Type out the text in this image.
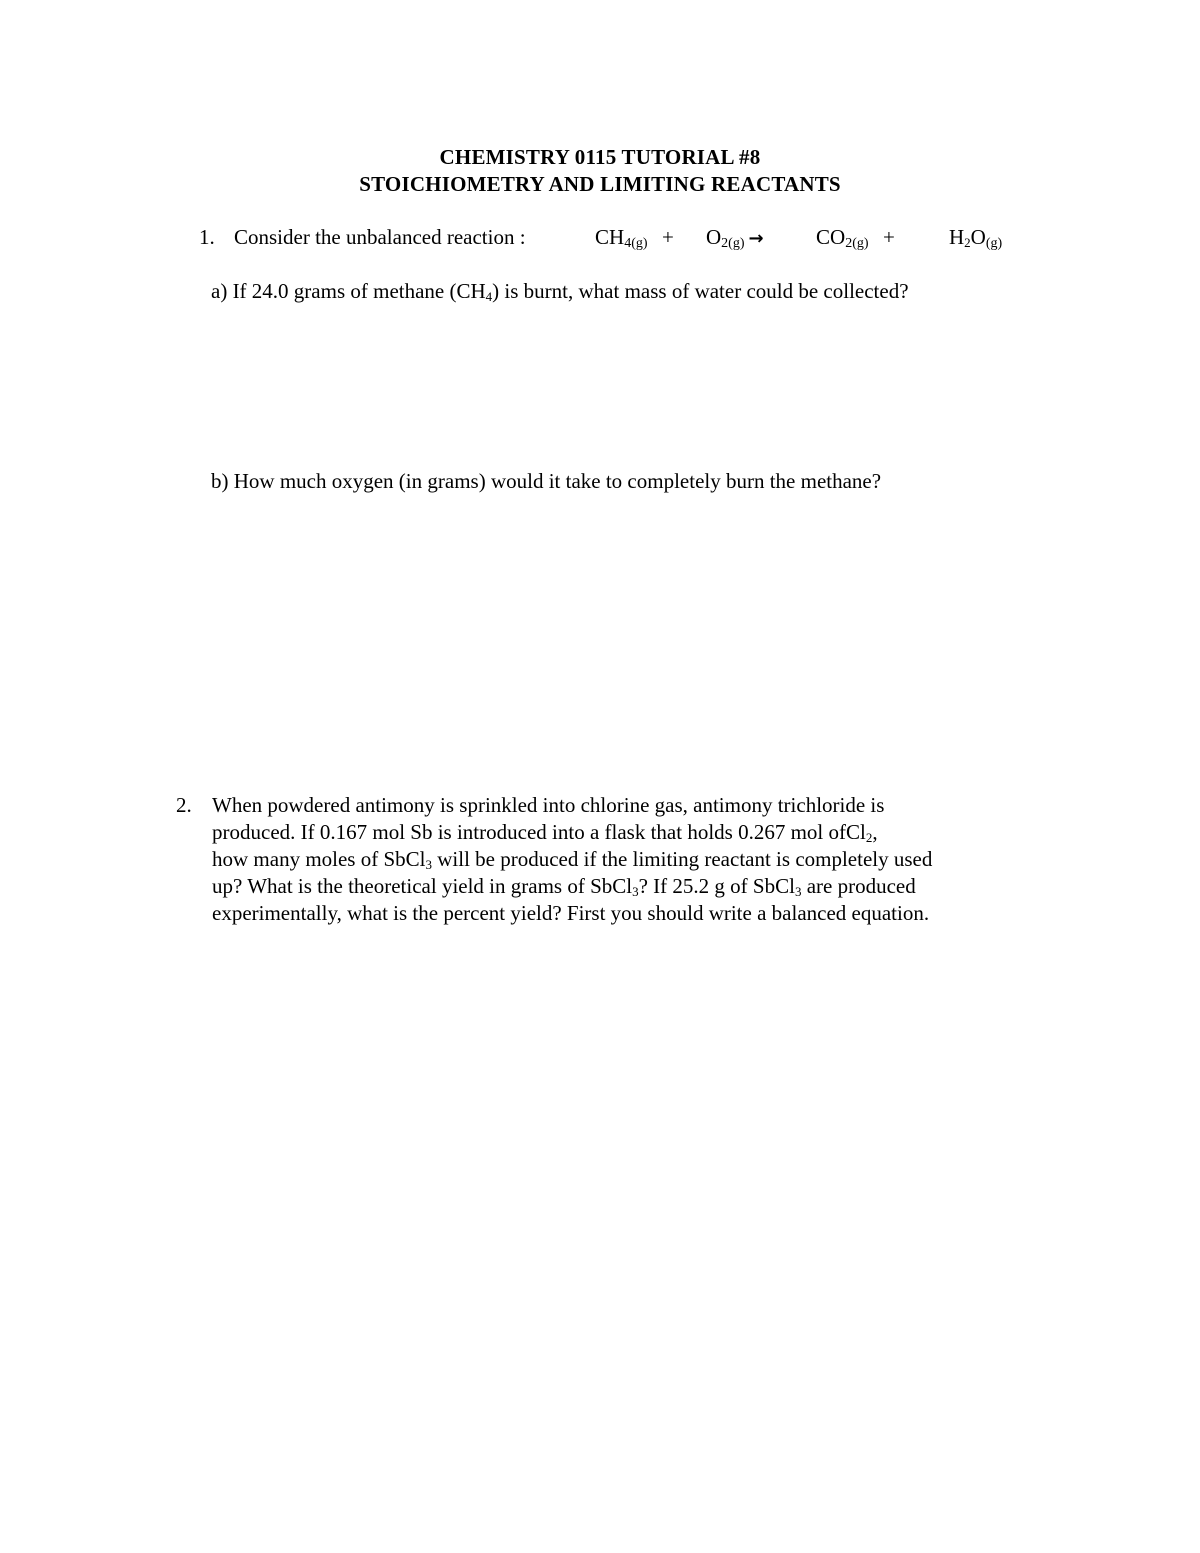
CHEMISTRY 0115 TUTORIAL #8
STOICHIOMETRY AND LIMITING REACTANTS
1. Consider the unbalanced reaction :	$CH_{4(g)} + O_{2(g)} \to CO_{2(g)}$ +	$H2O_{(g)}$
a) If 24.0 grams of methane (CH4) is burnt, what mass of water could be collected?
b) How much oxygen (in grams) would it take to completely burn the methane?
2. When powdered antimony is sprinkled into chlorine gas, antimony trichloride is
produced. If 0.167 mol Sb is introduced into a flask that holds 0.267 mol ofCl2,
how many moles of SbCl3 will be produced if the limiting reactant is completely used
up? What is the theoretical yield in grams of SbCl3? If 25.2 g of SbCl3 are produced
experimentally, what is the percent yield? First you should write a balanced equation.
